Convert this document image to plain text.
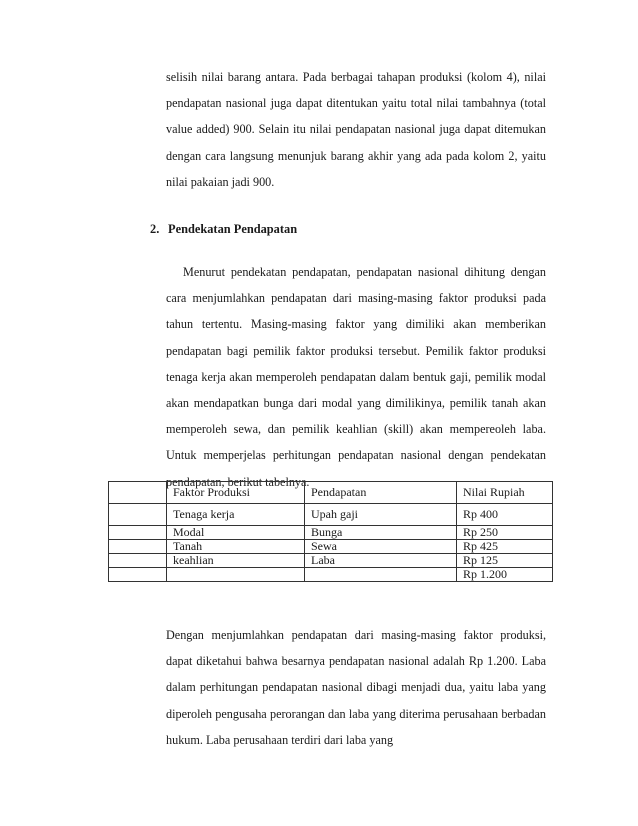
selisih nilai barang antara. Pada berbagai tahapan produksi (kolom 4), nilai pendapatan nasional juga dapat ditentukan yaitu total nilai tambahnya (total value added) 900. Selain itu nilai pendapatan nasional juga dapat ditemukan dengan cara langsung menunjuk barang akhir yang ada pada kolom 2, yaitu nilai pakaian jadi 900.

2. Pendekatan Pendapatan

Menurut pendekatan pendapatan, pendapatan nasional dihitung dengan cara menjumlahkan pendapatan dari masing-masing faktor produksi pada tahun tertentu. Masing-masing faktor yang dimiliki akan memberikan pendapatan bagi pemilik faktor produksi tersebut. Pemilik faktor produksi tenaga kerja akan memperoleh pendapatan dalam bentuk gaji, pemilik modal akan mendapatkan bunga dari modal yang dimilikinya, pemilik tanah akan memperoleh sewa, dan pemilik keahlian (skill) akan mempereoleh laba. Untuk memperjelas perhitungan pendapatan nasional dengan pendekatan pendapatan, berikut tabelnya.

	Faktor Produksi	Pendapatan	Nilai Rupiah
	Tenaga kerja	Upah gaji	Rp 400
	Modal	Bunga	Rp 250
	Tanah	Sewa	Rp 425
	keahlian	Laba	Rp 125
			Rp 1.200

Dengan menjumlahkan pendapatan dari masing-masing faktor produksi, dapat diketahui bahwa besarnya pendapatan nasional adalah Rp 1.200. Laba dalam perhitungan pendapatan nasional dibagi menjadi dua, yaitu laba yang diperoleh pengusaha perorangan dan laba yang diterima perusahaan berbadan hukum. Laba perusahaan terdiri dari laba yang
